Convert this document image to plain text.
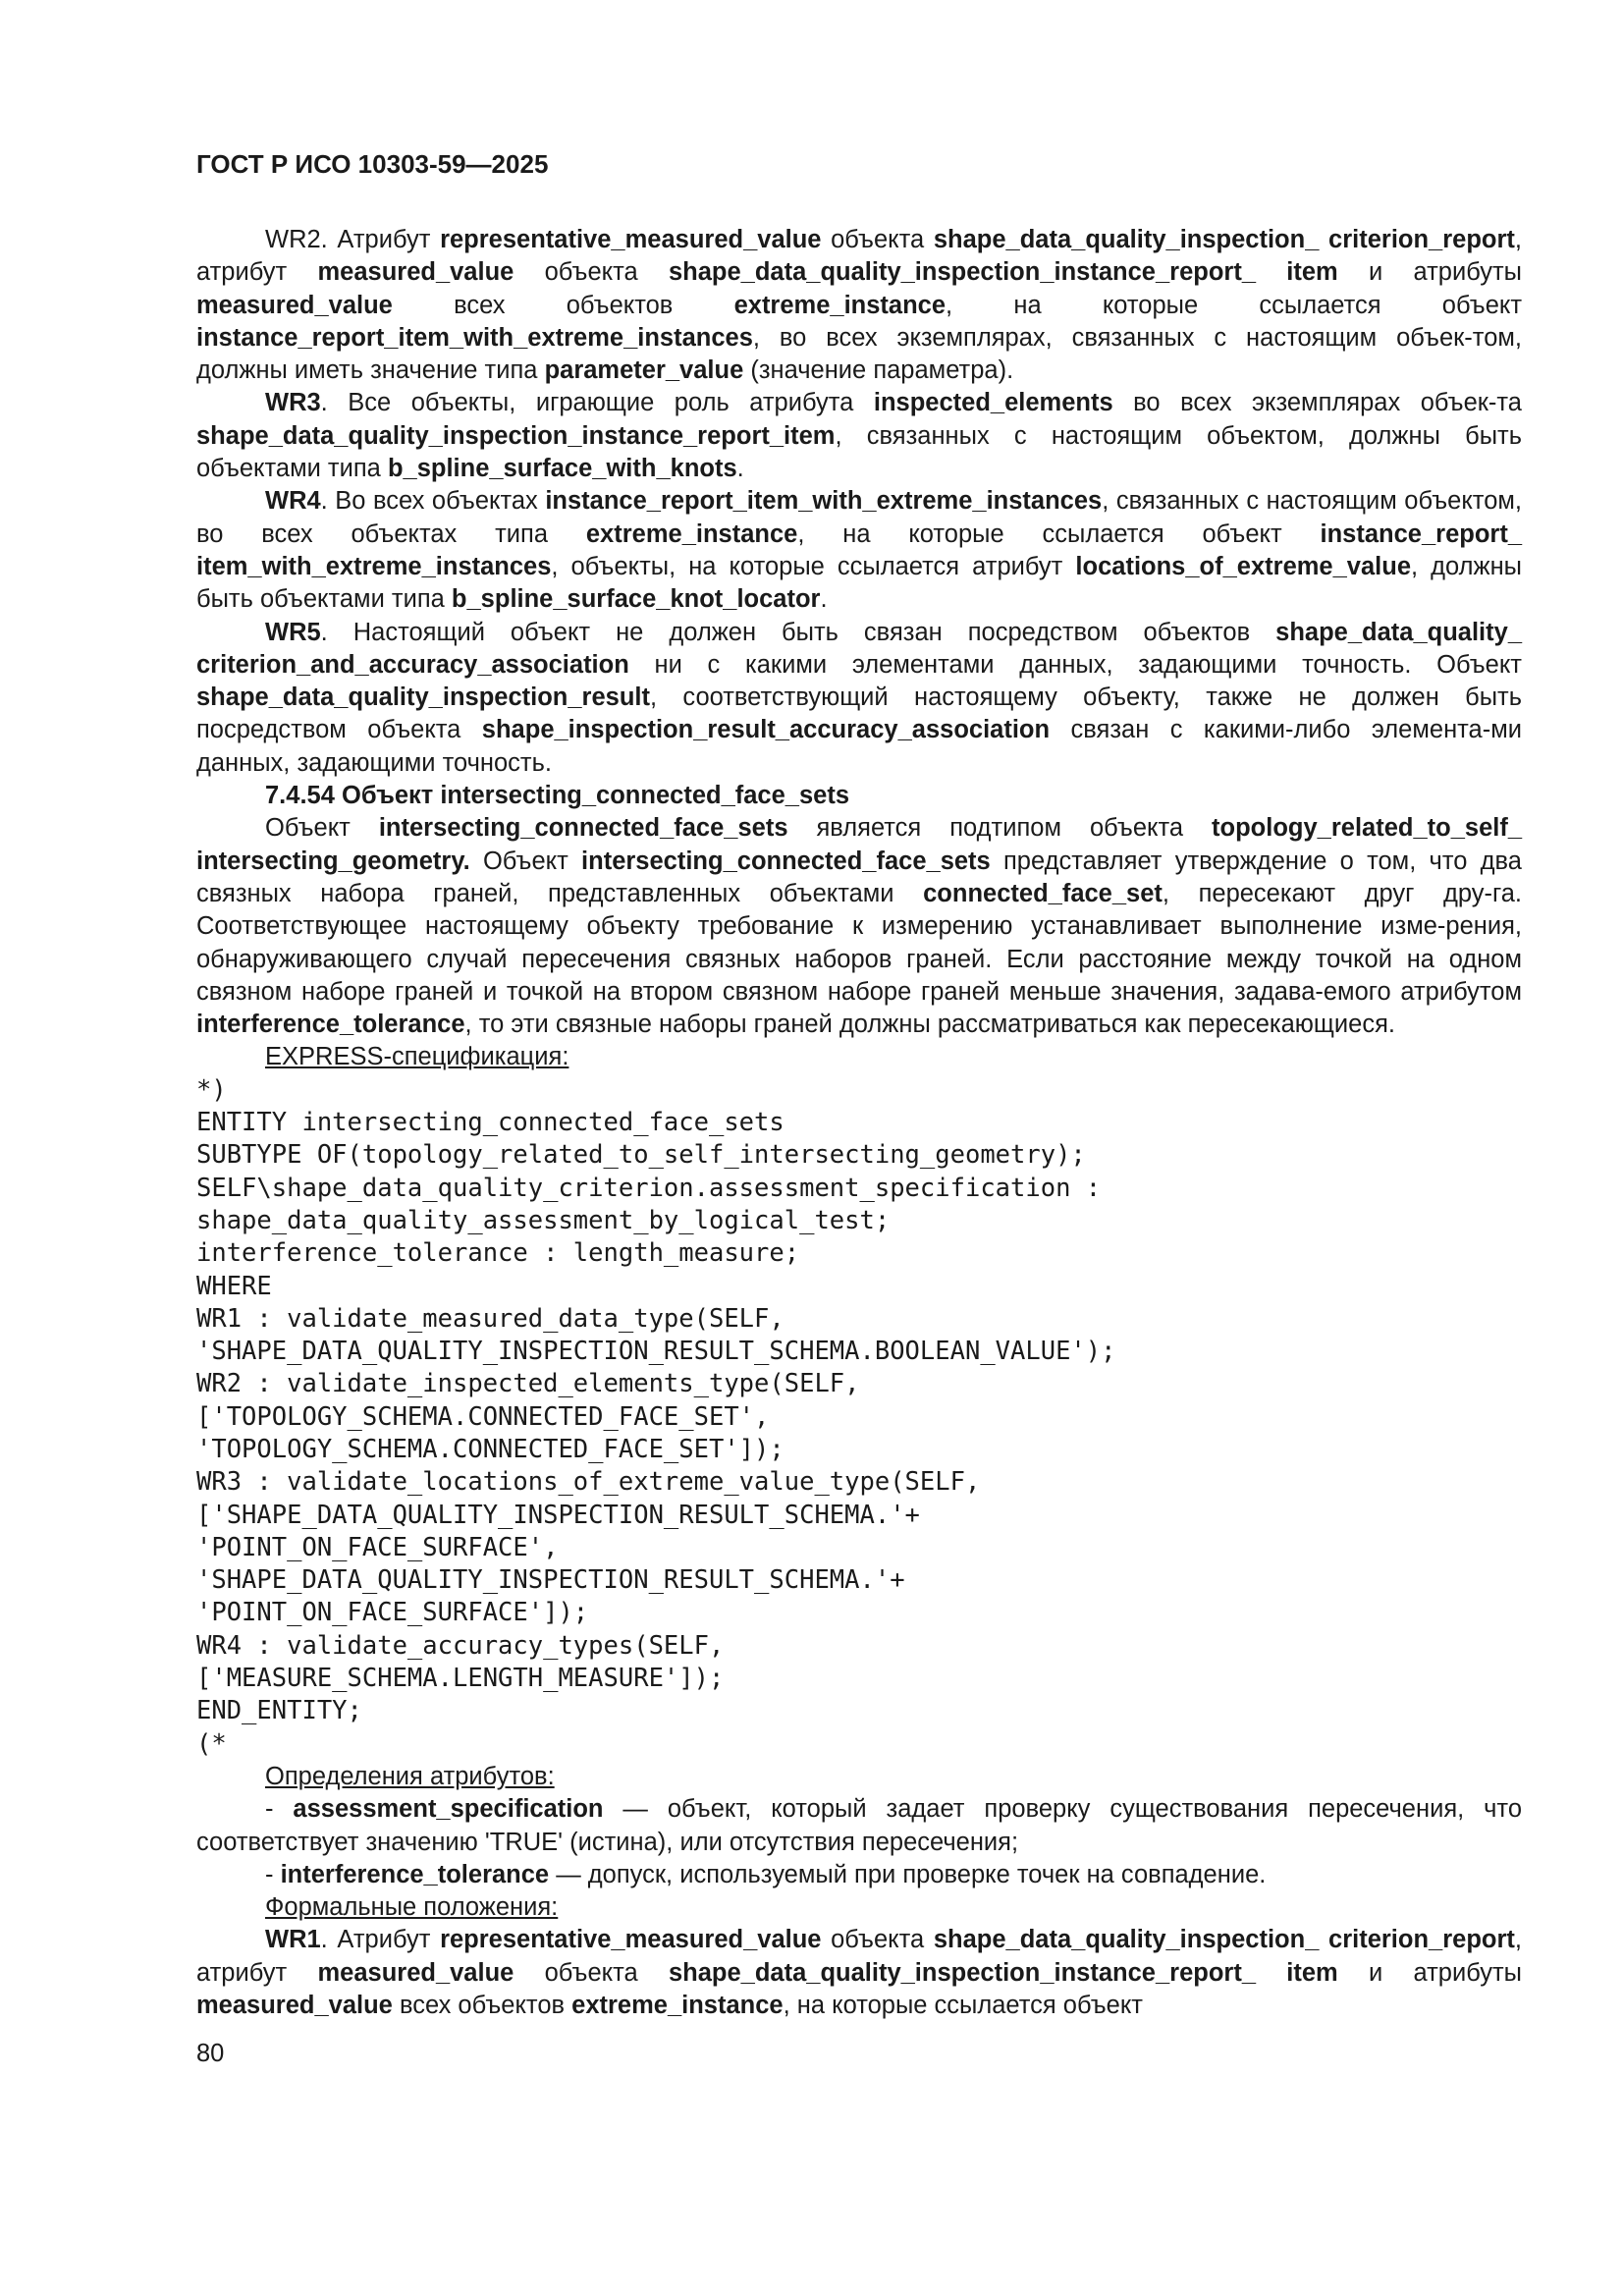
ГОСТ Р ИСО 10303-59—2025

WR2. Атрибут representative_measured_value объекта shape_data_quality_inspection_ criterion_report, атрибут measured_value объекта shape_data_quality_inspection_instance_report_ item и атрибуты measured_value всех объектов extreme_instance, на которые ссылается объект instance_report_item_with_extreme_instances, во всех экземплярах, связанных с настоящим объек-том, должны иметь значение типа parameter_value (значение параметра).

WR3. Все объекты, играющие роль атрибута inspected_elements во всех экземплярах объек-та shape_data_quality_inspection_instance_report_item, связанных с настоящим объектом, должны быть объектами типа b_spline_surface_with_knots.

WR4. Во всех объектах instance_report_item_with_extreme_instances, связанных с настоящим объектом, во всех объектах типа extreme_instance, на которые ссылается объект instance_report_ item_with_extreme_instances, объекты, на которые ссылается атрибут locations_of_extreme_value, должны быть объектами типа b_spline_surface_knot_locator.

WR5. Настоящий объект не должен быть связан посредством объектов shape_data_quality_ criterion_and_accuracy_association ни с какими элементами данных, задающими точность. Объект shape_data_quality_inspection_result, соответствующий настоящему объекту, также не должен быть посредством объекта shape_inspection_result_accuracy_association связан с какими-либо элемента-ми данных, задающими точность.

7.4.54 Объект intersecting_connected_face_sets

Объект intersecting_connected_face_sets является подтипом объекта topology_related_to_self_ intersecting_geometry. Объект intersecting_connected_face_sets представляет утверждение о том, что два связных набора граней, представленных объектами connected_face_set, пересекают друг дру-га. Соответствующее настоящему объекту требование к измерению устанавливает выполнение изме-рения, обнаруживающего случай пересечения связных наборов граней. Если расстояние между точкой на одном связном наборе граней и точкой на втором связном наборе граней меньше значения, задава-емого атрибутом interference_tolerance, то эти связные наборы граней должны рассматриваться как пересекающиеся.

EXPRESS-спецификация:
*)
ENTITY intersecting_connected_face_sets
SUBTYPE OF(topology_related_to_self_intersecting_geometry);
SELF\shape_data_quality_criterion.assessment_specification :
shape_data_quality_assessment_by_logical_test;
interference_tolerance : length_measure;
WHERE
WR1 : validate_measured_data_type(SELF,
'SHAPE_DATA_QUALITY_INSPECTION_RESULT_SCHEMA.BOOLEAN_VALUE');
WR2 : validate_inspected_elements_type(SELF,
['TOPOLOGY_SCHEMA.CONNECTED_FACE_SET',
'TOPOLOGY_SCHEMA.CONNECTED_FACE_SET']);
WR3 : validate_locations_of_extreme_value_type(SELF,
['SHAPE_DATA_QUALITY_INSPECTION_RESULT_SCHEMA.'+
'POINT_ON_FACE_SURFACE',
'SHAPE_DATA_QUALITY_INSPECTION_RESULT_SCHEMA.'+
'POINT_ON_FACE_SURFACE']);
WR4 : validate_accuracy_types(SELF,
['MEASURE_SCHEMA.LENGTH_MEASURE']);
END_ENTITY;
(*
Определения атрибутов:

- assessment_specification — объект, который задает проверку существования пересечения, что соответствует значению 'TRUE' (истина), или отсутствия пересечения;

- interference_tolerance — допуск, используемый при проверке точек на совпадение.

Формальные положения:

WR1. Атрибут representative_measured_value объекта shape_data_quality_inspection_ criterion_report, атрибут measured_value объекта shape_data_quality_inspection_instance_report_ item и атрибуты measured_value всех объектов extreme_instance, на которые ссылается объект

80
